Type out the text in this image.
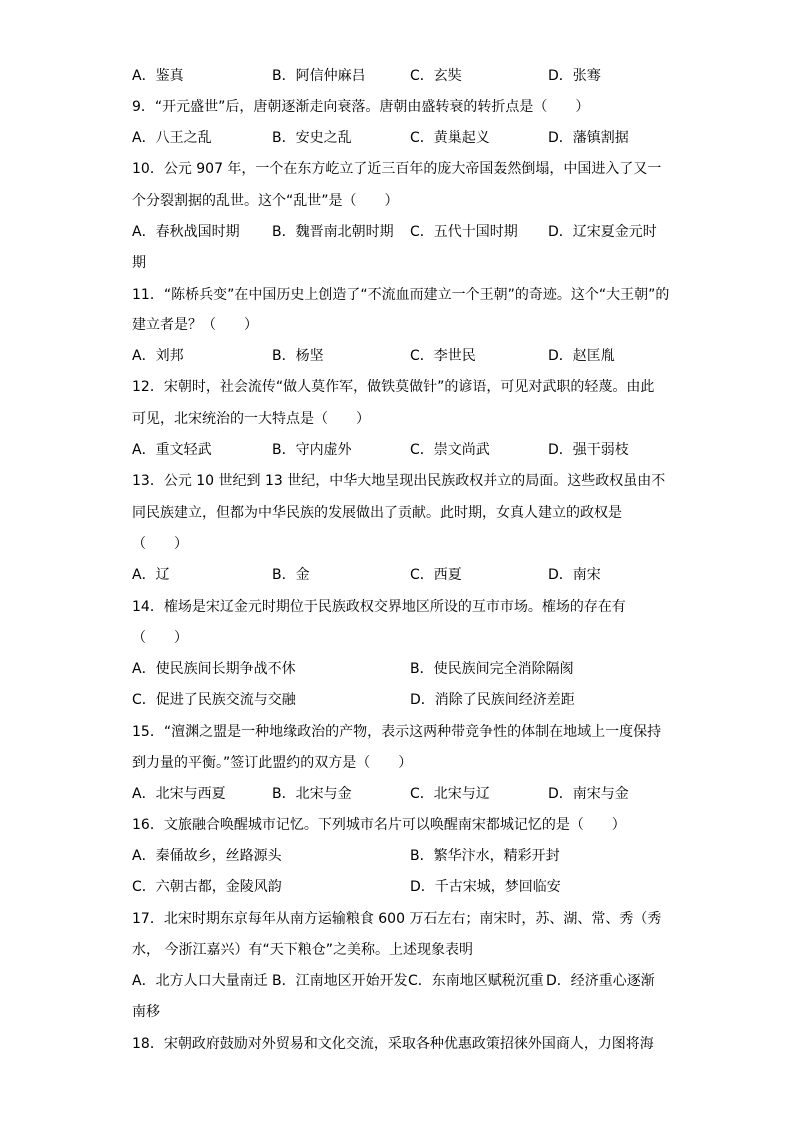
A．鉴真	B．阿信仲麻吕	C．玄奘	D．张骞
9．“开元盛世”后，唐朝逐渐走向衰落。唐朝由盛转衰的转折点是（　　）
A．八王之乱	B．安史之乱	C．黄巢起义	D．藩镇割据
10．公元 907 年，一个在东方屹立了近三百年的庞大帝国轰然倒塌，中国进入了又一
个分裂割据的乱世。这个“乱世”是（　　）
A．春秋战国时期 B．魏晋南北朝时期 C．五代十国时期 D．辽宋夏金元时
期
11．“陈桥兵变”在中国历史上创造了“不流血而建立一个王朝”的奇迹。这个“大王朝”的
建立者是？（　　）
A．刘邦	B．杨坚	C．李世民	D．赵匡胤
12．宋朝时，社会流传“做人莫作军，做铁莫做针”的谚语，可见对武职的轻蔑。由此
可见，北宋统治的一大特点是（　　）
A．重文轻武	B．守内虚外	C．崇文尚武	D．强干弱枝
13．公元 10 世纪到 13 世纪，中华大地呈现出民族政权并立的局面。这些政权虽由不
同民族建立，但都为中华民族的发展做出了贡献。此时期，女真人建立的政权是
（　　）
A．辽	B．金	C．西夏	D．南宋
14．榷场是宋辽金元时期位于民族政权交界地区所设的互市市场。榷场的存在有
（　　）
A．使民族间长期争战不休	B．使民族间完全消除隔阂
C．促进了民族交流与交融	D．消除了民族间经济差距
15．“澶渊之盟是一种地缘政治的产物，表示这两种带竞争性的体制在地域上一度保持
到力量的平衡。”签订此盟约的双方是（　　）
A．北宋与西夏	B．北宋与金	C．北宋与辽	D．南宋与金
16．文旅融合唤醒城市记忆。下列城市名片可以唤醒南宋都城记忆的是（　　）
A．秦俑故乡，丝路源头	B．繁华汴水，精彩开封
C．六朝古都，金陵风韵	D．千古宋城，梦回临安
17．北宋时期东京每年从南方运输粮食 600 万石左右；南宋时，苏、湖、常、秀（秀
水， 今浙江嘉兴）有“天下粮仓”之美称。上述现象表明
A．北方人口大量南迁 B．江南地区开始开发 C．东南地区赋税沉重 D．经济重心逐渐
南移
18．宋朝政府鼓励对外贸易和文化交流，采取各种优惠政策招徕外国商人，力图将海
